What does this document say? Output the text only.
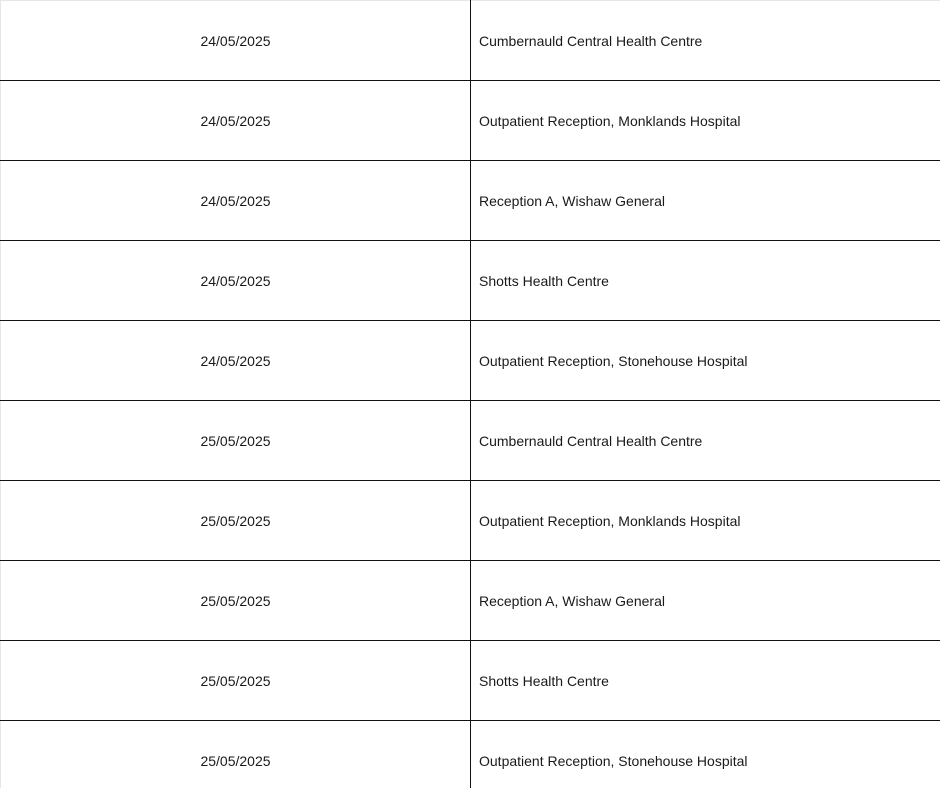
24/05/2025	Cumbernauld Central Health Centre
24/05/2025	Outpatient Reception, Monklands Hospital
24/05/2025	Reception A, Wishaw General
24/05/2025	Shotts Health Centre
24/05/2025	Outpatient Reception, Stonehouse Hospital
25/05/2025	Cumbernauld Central Health Centre
25/05/2025	Outpatient Reception, Monklands Hospital
25/05/2025	Reception A, Wishaw General
25/05/2025	Shotts Health Centre
25/05/2025	Outpatient Reception, Stonehouse Hospital
